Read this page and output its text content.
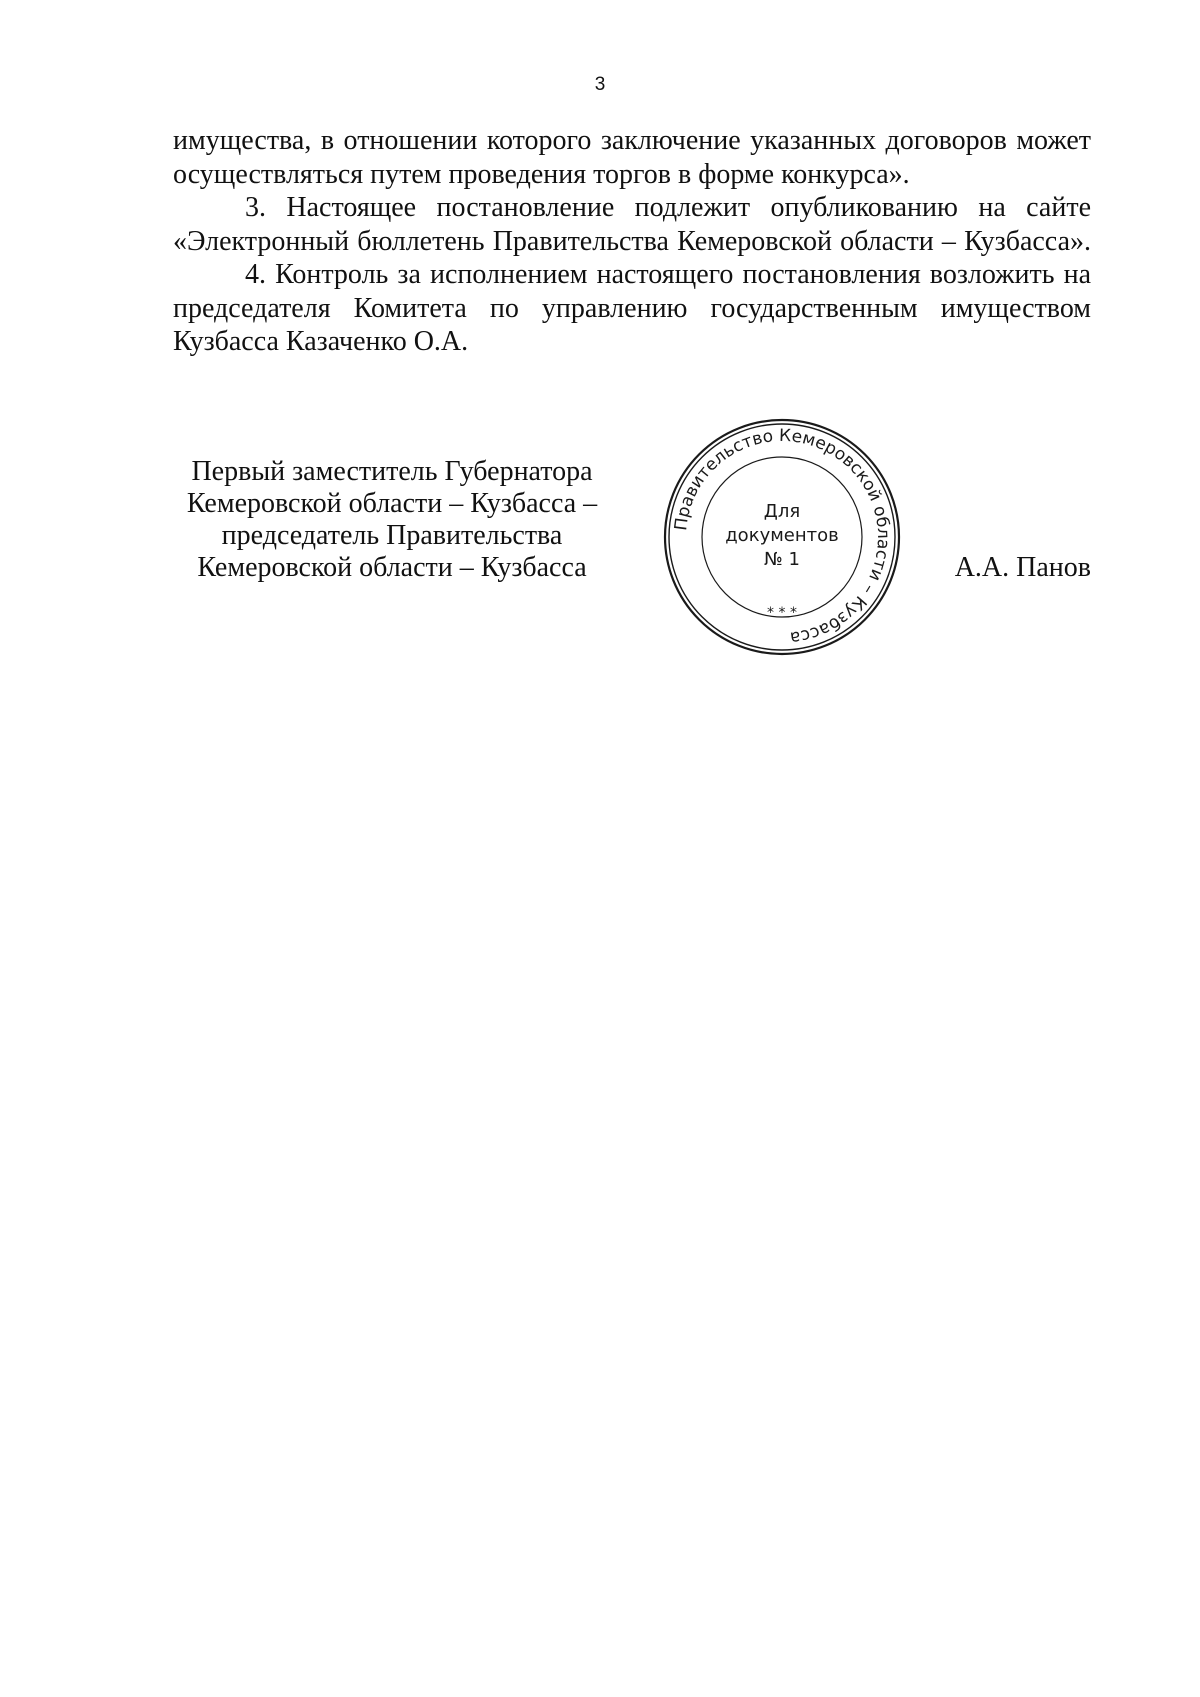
3

имущества, в отношении которого заключение указанных договоров может

осуществляться путем проведения торгов в форме конкурса».

3. Настоящее постановление подлежит опубликованию на сайте

«Электронный бюллетень Правительства Кемеровской области – Кузбасса».

4. Контроль за исполнением настоящего постановления возложить на

председателя Комитета по управлению государственным имуществом

Кузбасса Казаченко О.А.

Первый заместитель Губернатора
Кемеровской области – Кузбасса –
председатель Правительства
Кемеровской области – Кузбасса
Правительство Кемеровской области – Кузбасса
* * *
Для
документов
№ 1	А.А. Панов
